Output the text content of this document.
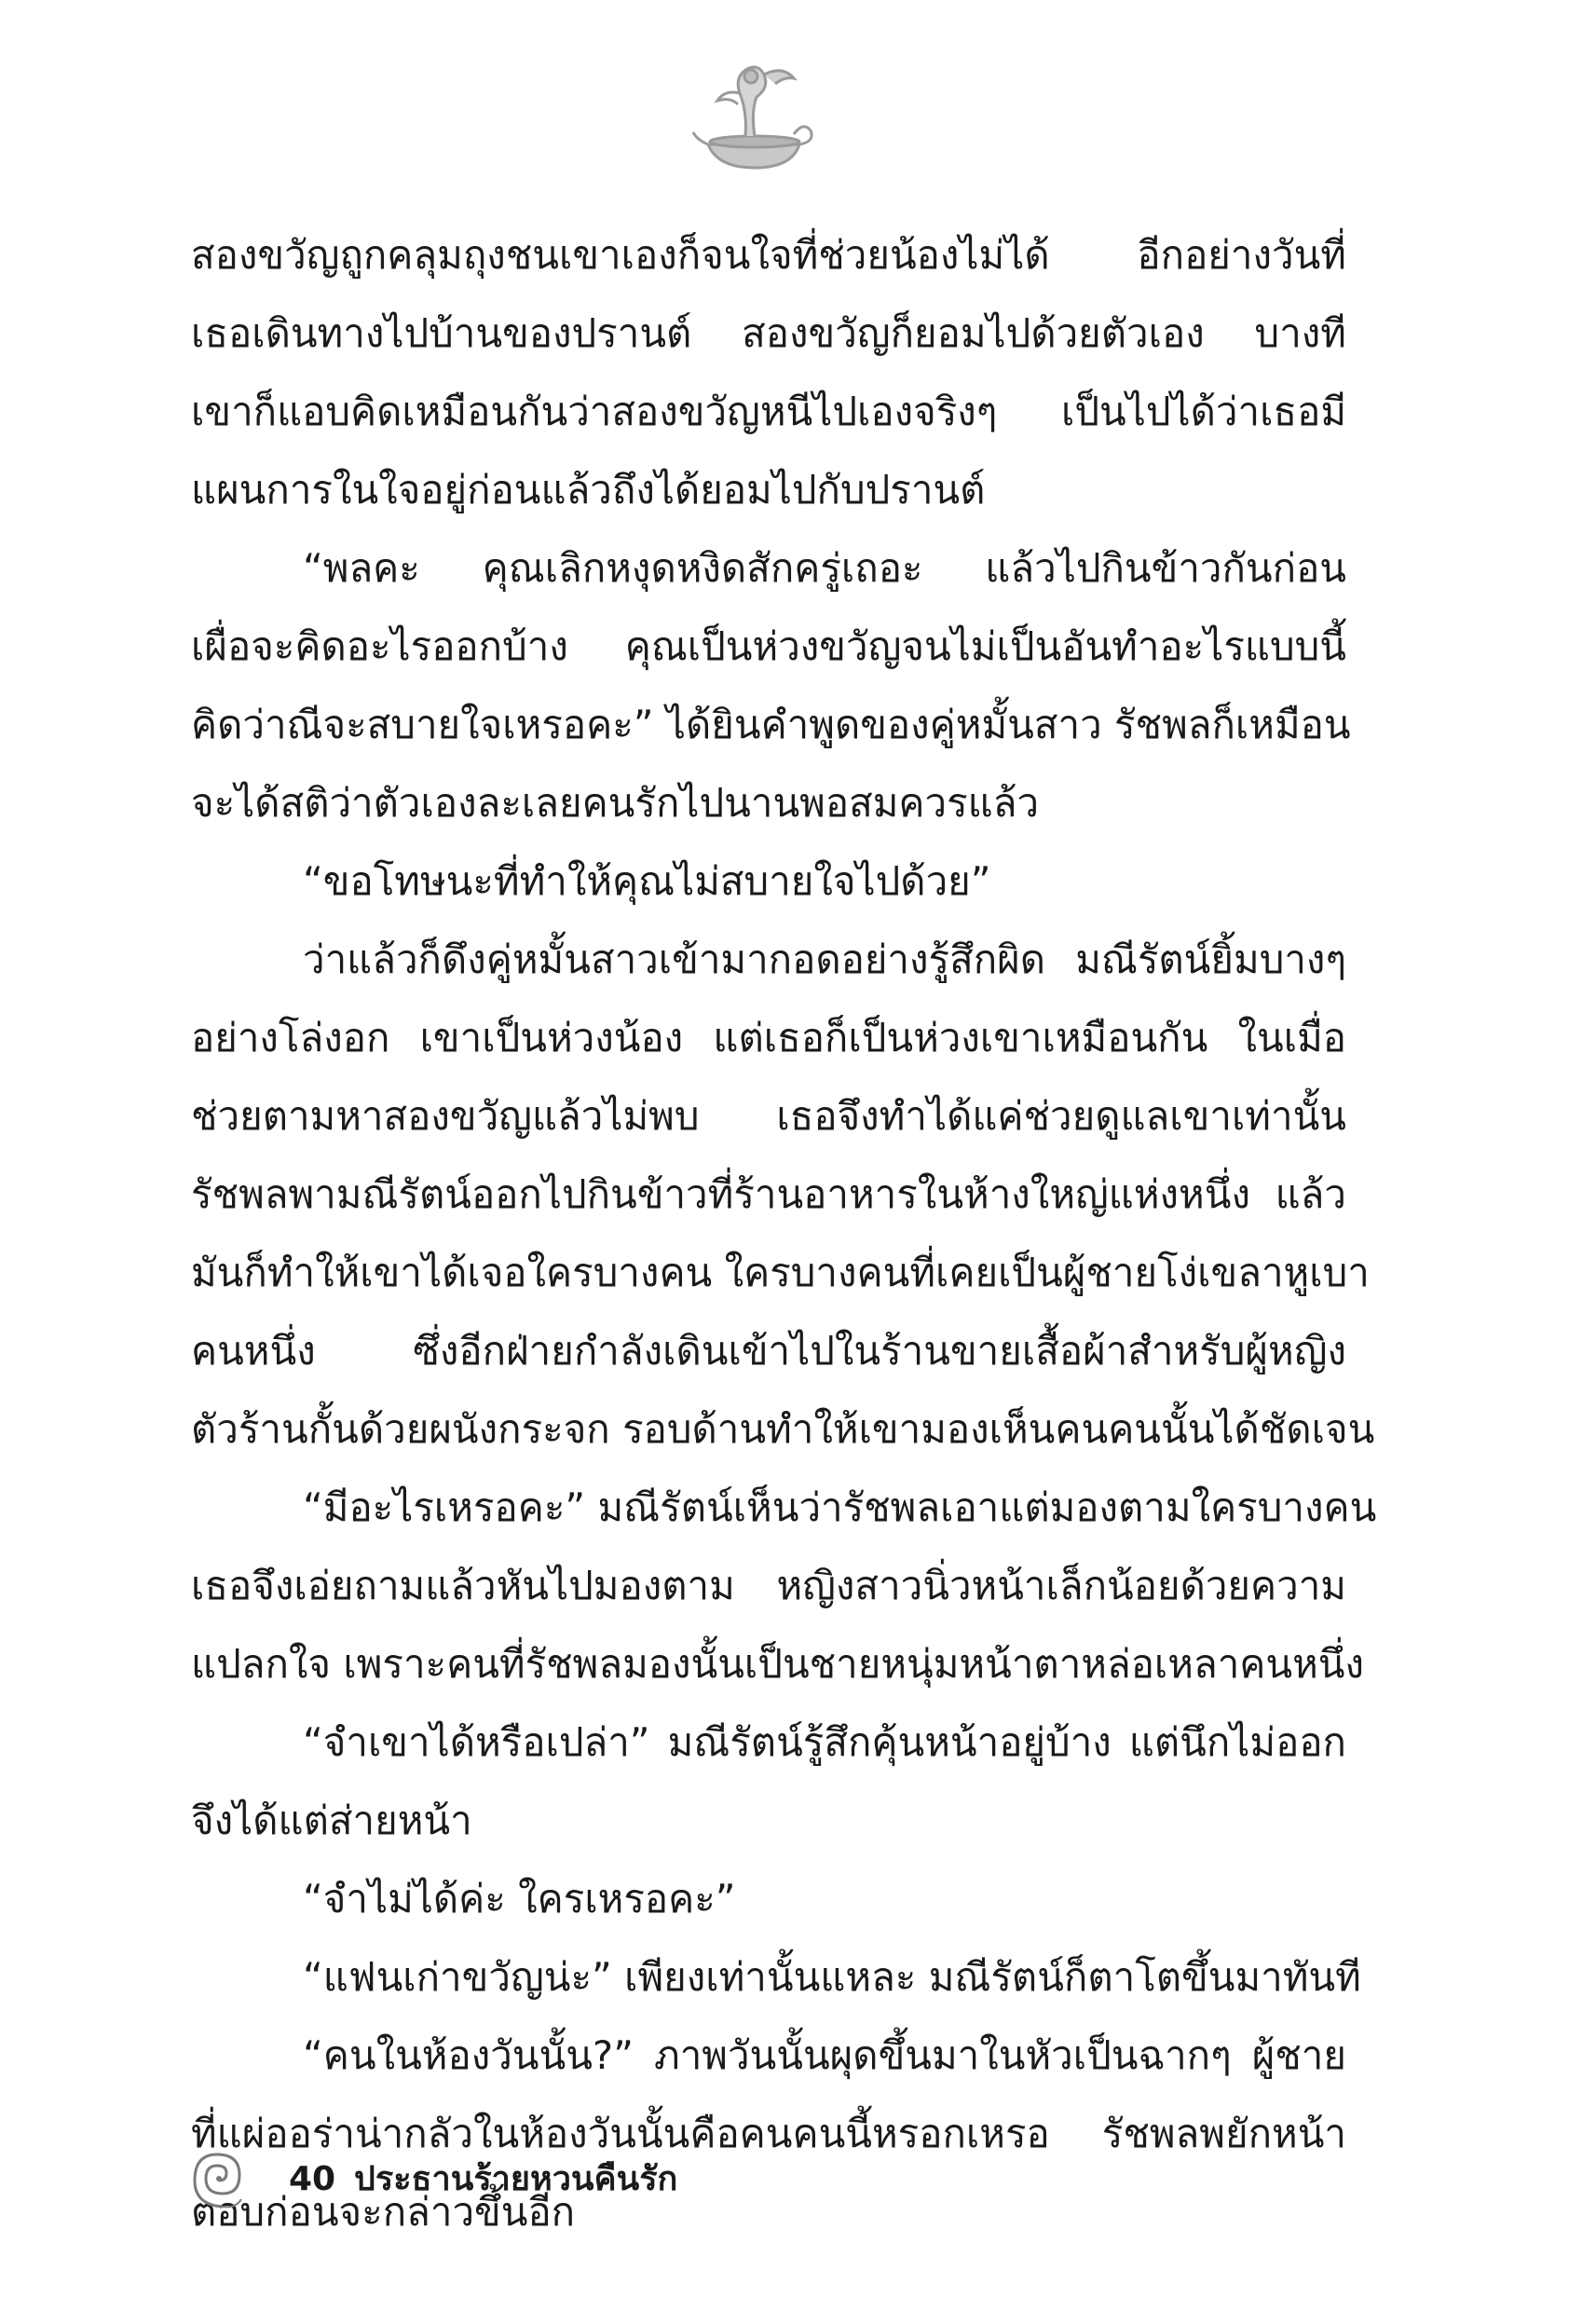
สองขวัญถูกคลุมถุงชนเขาเองก็จนใจที่ช่วยน้องไม่ได้ อีกอย่างวันที่
เธอเดินทางไปบ้านของปรานต์ สองขวัญก็ยอมไปด้วยตัวเอง บางที
เขาก็แอบคิดเหมือนกันว่าสองขวัญหนีไปเองจริงๆ เป็นไปได้ว่าเธอมี
แผนการในใจอยู่ก่อนแล้วถึงได้ยอมไปกับปรานต์
“พลคะ คุณเลิกหงุดหงิดสักครู่เถอะ แล้วไปกินข้าวกันก่อน
เผื่อจะคิดอะไรออกบ้าง คุณเป็นห่วงขวัญจนไม่เป็นอันทำอะไรแบบนี้
คิดว่าณีจะสบายใจเหรอคะ” ได้ยินคำพูดของคู่หมั้นสาว รัชพลก็เหมือน
จะได้สติว่าตัวเองละเลยคนรักไปนานพอสมควรแล้ว
“ขอโทษนะที่ทำให้คุณไม่สบายใจไปด้วย”
ว่าแล้วก็ดึงคู่หมั้นสาวเข้ามากอดอย่างรู้สึกผิด มณีรัตน์ยิ้มบางๆ
อย่างโล่งอก เขาเป็นห่วงน้อง แต่เธอก็เป็นห่วงเขาเหมือนกัน ในเมื่อ
ช่วยตามหาสองขวัญแล้วไม่พบ เธอจึงทำได้แค่ช่วยดูแลเขาเท่านั้น
รัชพลพามณีรัตน์ออกไปกินข้าวที่ร้านอาหารในห้างใหญ่แห่งหนึ่ง แล้ว
มันก็ทำให้เขาได้เจอใครบางคน ใครบางคนที่เคยเป็นผู้ชายโง่เขลาหูเบา
คนหนึ่ง ซึ่งอีกฝ่ายกำลังเดินเข้าไปในร้านขายเสื้อผ้าสำหรับผู้หญิง
ตัวร้านกั้นด้วยผนังกระจก รอบด้านทำให้เขามองเห็นคนคนนั้นได้ชัดเจน
“มีอะไรเหรอคะ” มณีรัตน์เห็นว่ารัชพลเอาแต่มองตามใครบางคน
เธอจึงเอ่ยถามแล้วหันไปมองตาม หญิงสาวนิ่วหน้าเล็กน้อยด้วยความ
แปลกใจ เพราะคนที่รัชพลมองนั้นเป็นชายหนุ่มหน้าตาหล่อเหลาคนหนึ่ง
“จำเขาได้หรือเปล่า” มณีรัตน์รู้สึกคุ้นหน้าอยู่บ้าง แต่นึกไม่ออก
จึงได้แต่ส่ายหน้า
“จำไม่ได้ค่ะ ใครเหรอคะ”
“แฟนเก่าขวัญน่ะ” เพียงเท่านั้นแหละ มณีรัตน์ก็ตาโตขึ้นมาทันที
“คนในห้องวันนั้น?” ภาพวันนั้นผุดขึ้นมาในหัวเป็นฉากๆ ผู้ชาย
ที่แผ่ออร่าน่ากลัวในห้องวันนั้นคือคนคนนี้หรอกเหรอ รัชพลพยักหน้า
ตอบก่อนจะกล่าวขึ้นอีก
40 ประธานร้ายหวนคืนรัก
